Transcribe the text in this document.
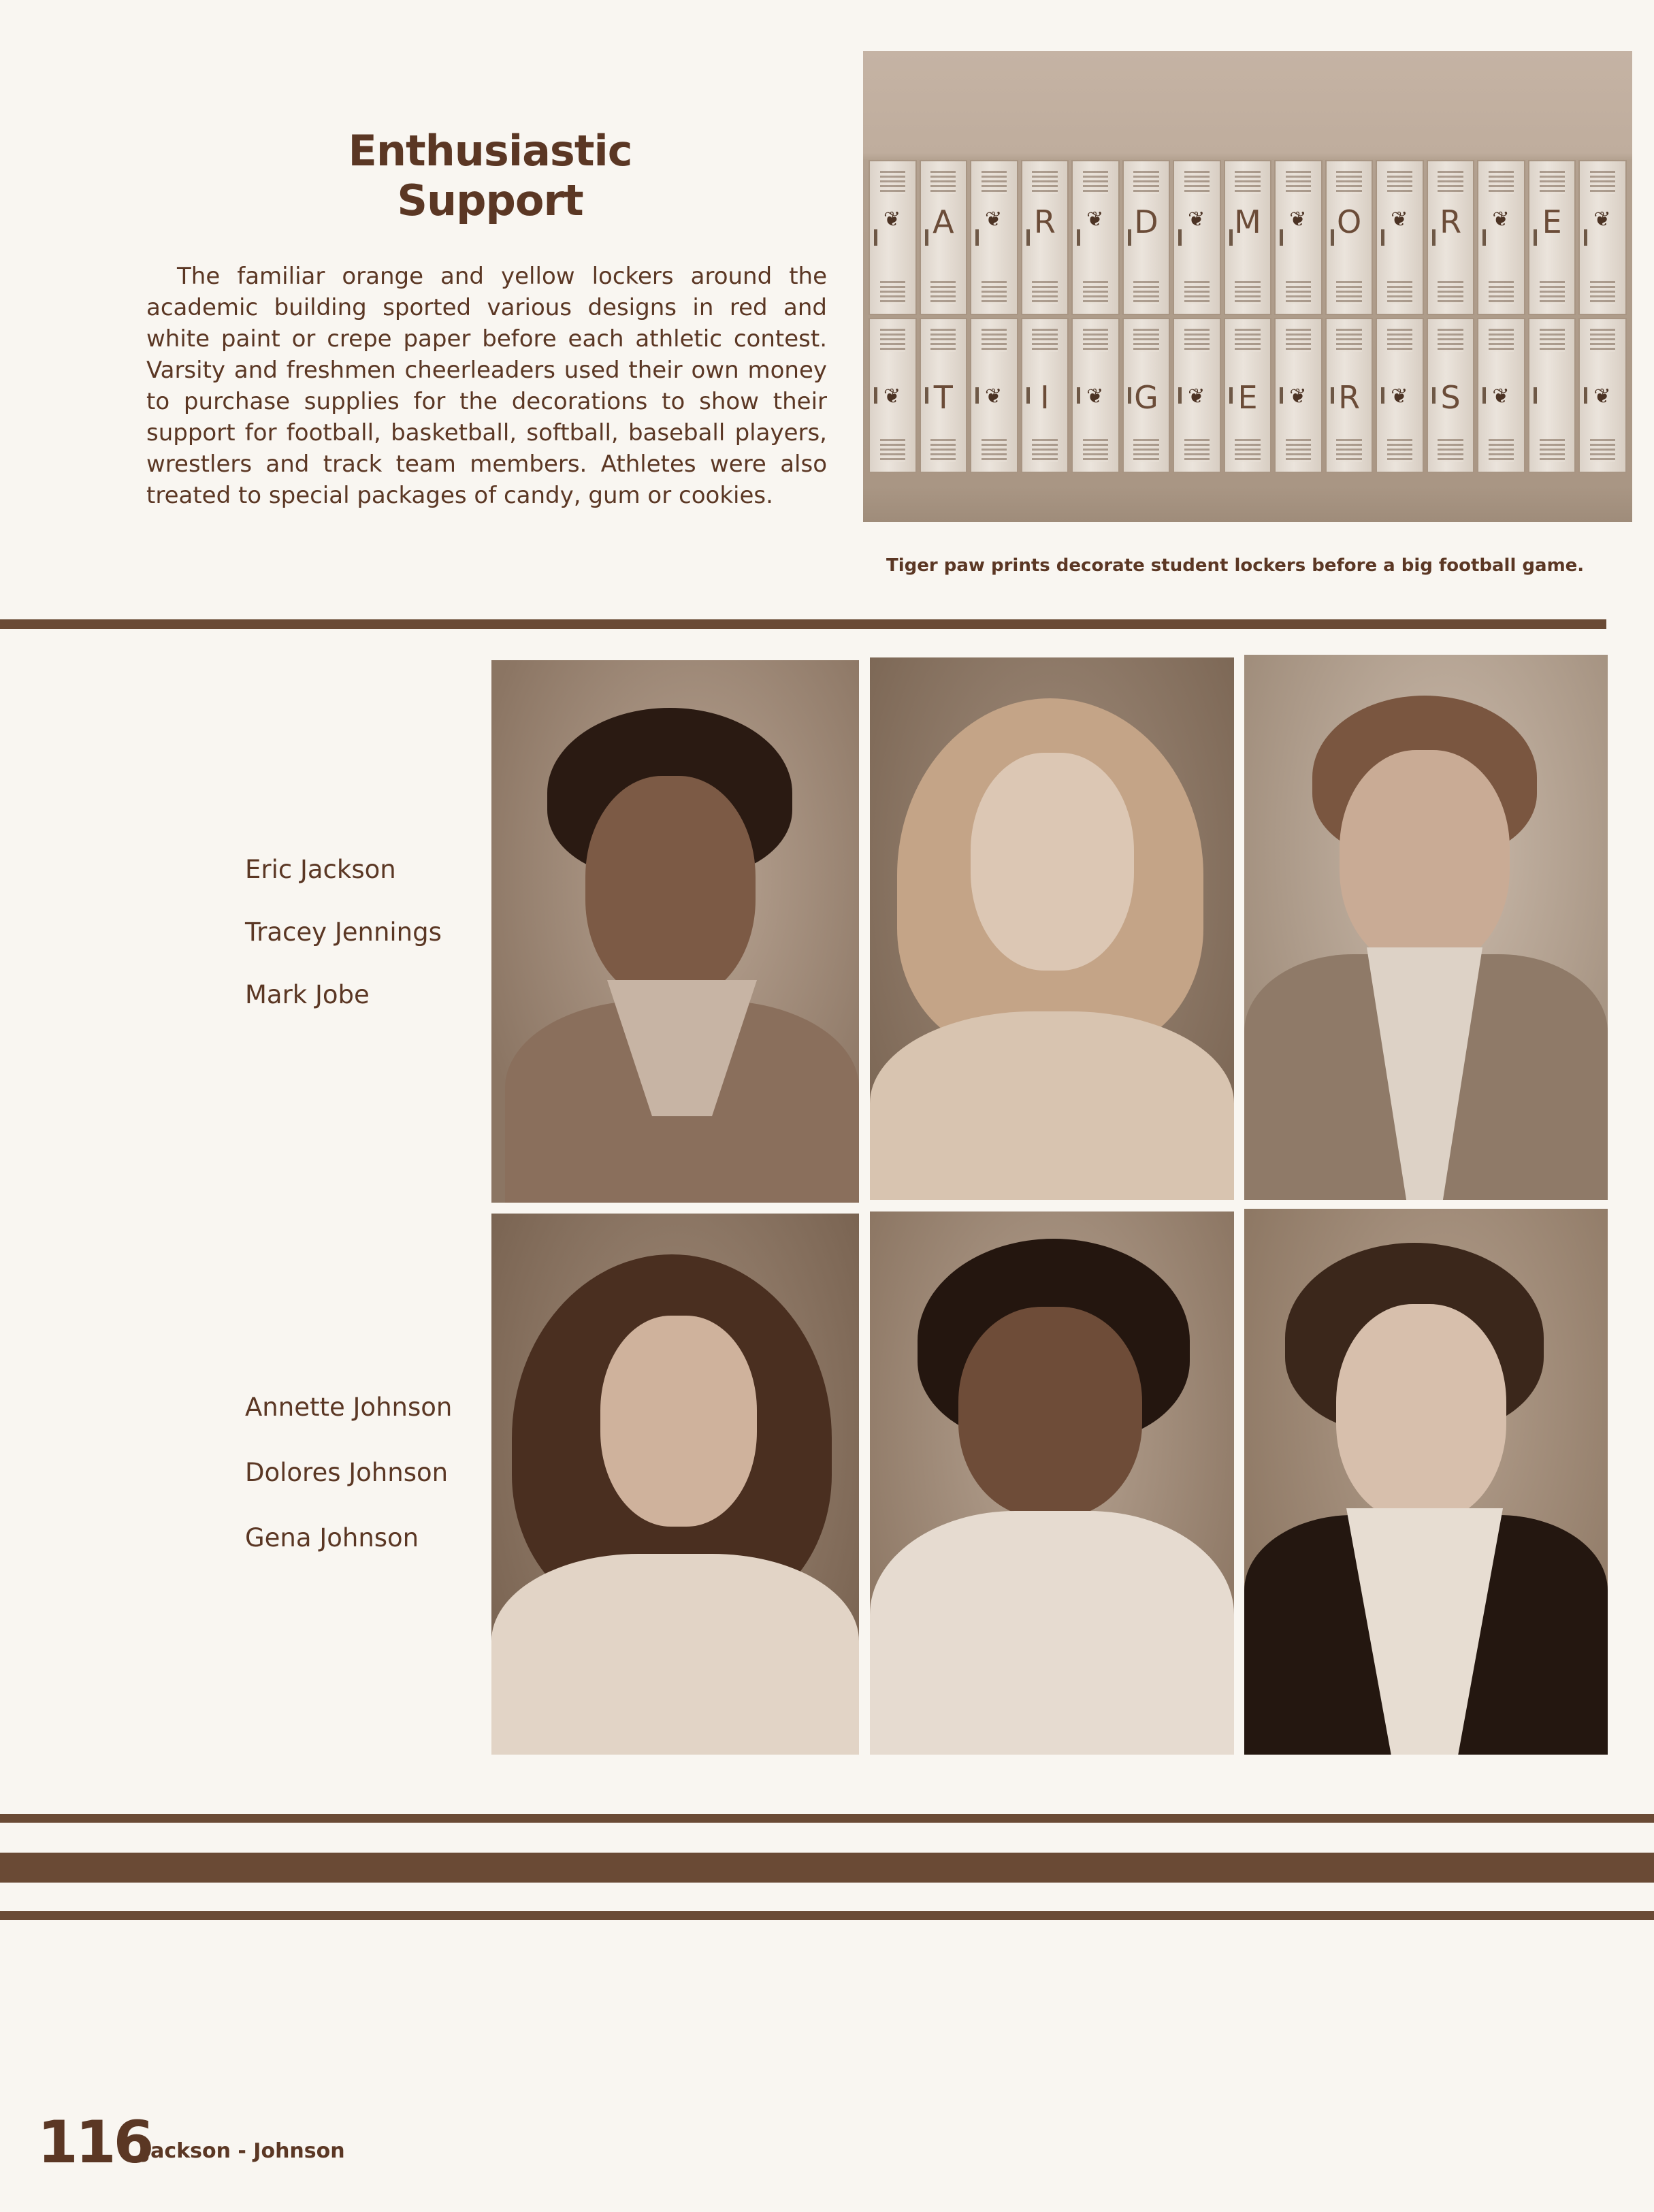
Enthusiastic Support
The familiar orange and yellow lockers around the academic building sported various designs in red and white paint or crepe paper before each athletic contest. Varsity and freshmen cheerleaders used their own money to purchase supplies for the decorations to show their support for football, basketball, softball, baseball players, wrestlers and track team members. Athletes were also treated to special packages of candy, gum or cookies.
❦	A	❦	R	❦ D	❦ M	❦ O	❦	R	❦	E	❦
❦	T	❦	I	❦ G	❦	E	❦	R	❦	S	❦	❦
Tiger paw prints decorate student lockers before a big football game.
Eric Jackson
Tracey Jennings
Mark Jobe
Annette Johnson
Dolores Johnson
Gena Johnson
116
Jackson - Johnson
